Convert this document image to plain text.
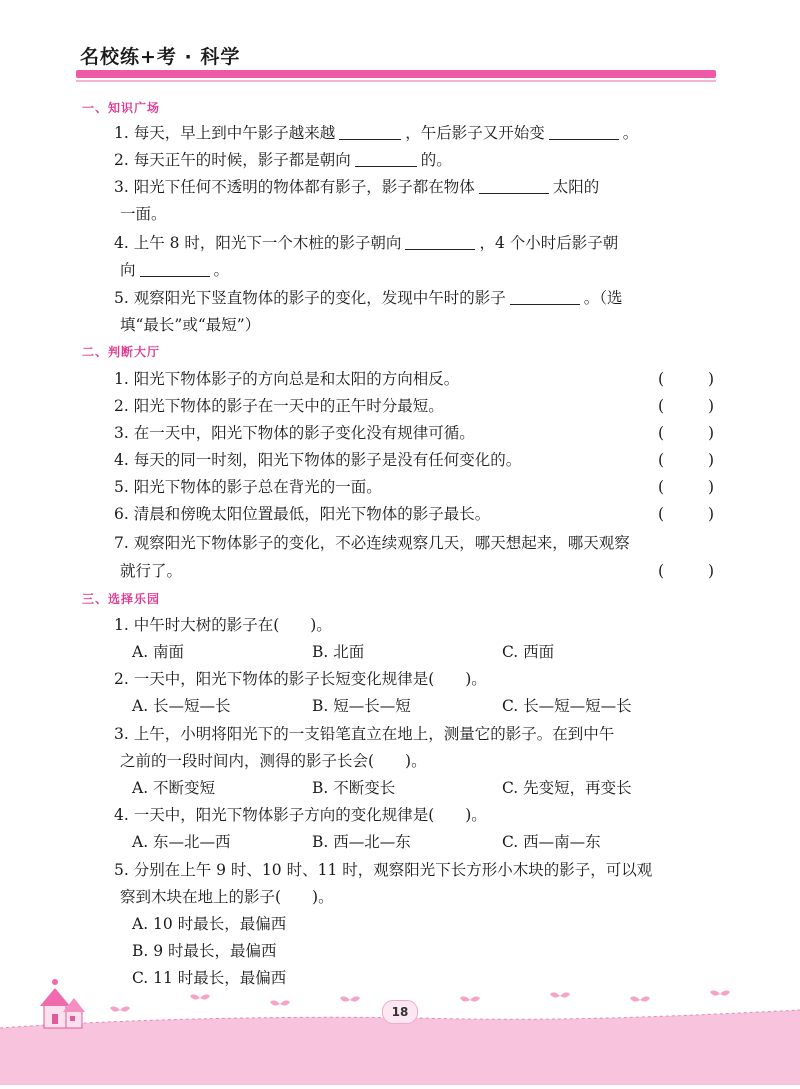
名校练+考 · 科学
一、知识广场
1. 每天，早上到中午影子越来越	，午后影子又开始变	。
2. 每天正午的时候，影子都是朝向	的。
3. 阳光下任何不透明的物体都有影子，影子都在物体	太阳的
一面。
4. 上午 8 时，阳光下一个木桩的影子朝向	，4 个小时后影子朝
向	。
5. 观察阳光下竖直物体的影子的变化，发现中午时的影子	。（选
填“最长”或“最短”）
二、判断大厅
1. 阳光下物体影子的方向总是和太阳的方向相反。	(	)
2. 阳光下物体的影子在一天中的正午时分最短。	(	)
3. 在一天中，阳光下物体的影子变化没有规律可循。	(	)
4. 每天的同一时刻，阳光下物体的影子是没有任何变化的。	(	)
5. 阳光下物体的影子总在背光的一面。	(	)
6. 清晨和傍晚太阳位置最低，阳光下物体的影子最长。	(	)
7. 观察阳光下物体影子的变化，不必连续观察几天，哪天想起来，哪天观察
就行了。	(	)
三、选择乐园
1. 中午时大树的影子在(　　)。
A. 南面	B. 北面	C. 西面
2. 一天中，阳光下物体的影子长短变化规律是(　　)。
A. 长—短—长	B. 短—长—短	C. 长—短—短—长
3. 上午，小明将阳光下的一支铅笔直立在地上，测量它的影子。在到中午
之前的一段时间内，测得的影子长会(　　)。
A. 不断变短	B. 不断变长	C. 先变短，再变长
4. 一天中，阳光下物体影子方向的变化规律是(　　)。
A. 东—北—西	B. 西—北—东	C. 西—南—东
5. 分别在上午 9 时、10 时、11 时，观察阳光下长方形小木块的影子，可以观
察到木块在地上的影子(　　)。
A. 10 时最长，最偏西
B. 9 时最长，最偏西
C. 11 时最长，最偏西
18
